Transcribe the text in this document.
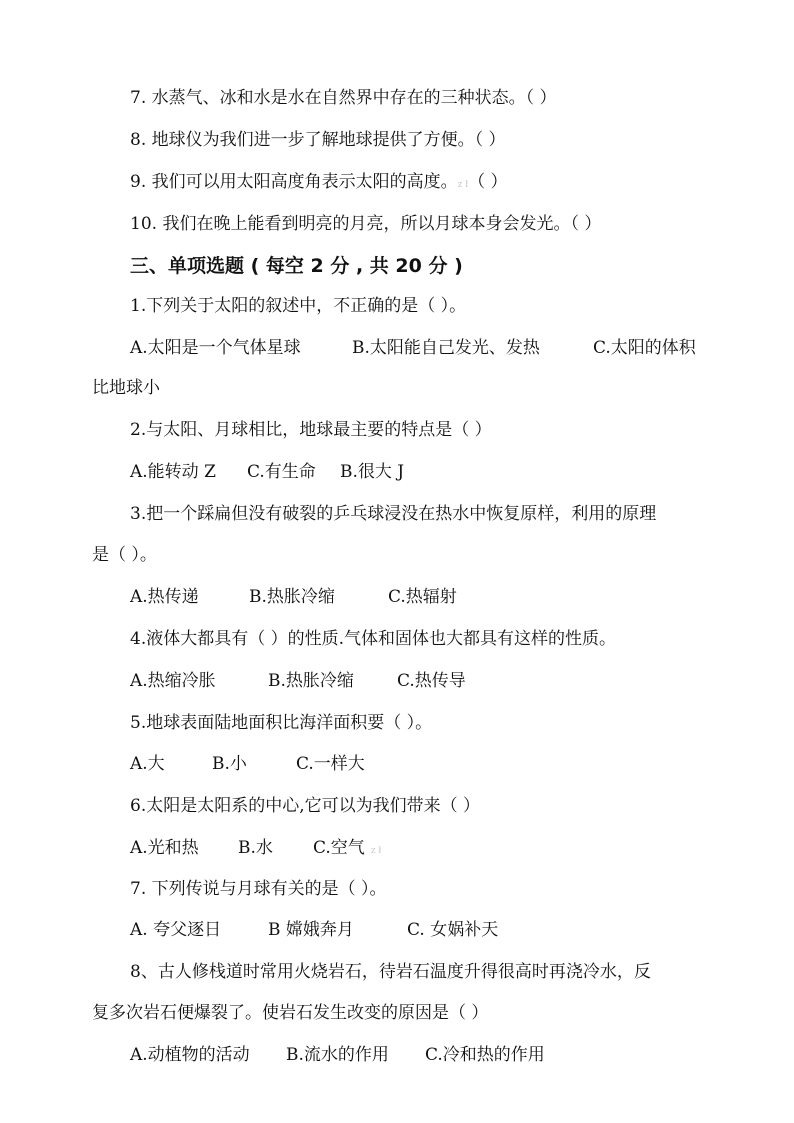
7. 水蒸气、冰和水是水在自然界中存在的三种状态。（ ）
8. 地球仪为我们进一步了解地球提供了方便。（ ）
9. 我们可以用太阳高度角表示太阳的高度。z ł（ ）
10. 我们在晚上能看到明亮的月亮，所以月球本身会发光。（ ）
三、单项选题 ( 每空 2 分 , 共 20 分 )
1.下列关于太阳的叙述中，不正确的是（ ）。
A.太阳是一个气体星球	B.太阳能自己发光、发热	C.太阳的体积
比地球小
2.与太阳、月球相比，地球最主要的特点是（ ）
A.能转动 Z C.有生命 B.很大 J
3.把一个踩扁但没有破裂的乒乓球浸没在热水中恢复原样，利用的原理
是（ ）。
A.热传递	B.热胀冷缩	C.热辐射
4.液体大都具有（ ）的性质.气体和固体也大都具有这样的性质。
A.热缩冷胀	B.热胀冷缩	C.热传导
5.地球表面陆地面积比海洋面积要（ ）。
A.大	B.小	C.一样大
6.太阳是太阳系的中心,它可以为我们带来（ ）
A.光和热 B.水 C.空气 z ł
7. 下列传说与月球有关的是（ ）。
A. 夸父逐日	B 嫦娥奔月	C. 女娲补天
8、古人修栈道时常用火烧岩石，待岩石温度升得很高时再浇冷水，反
复多次岩石便爆裂了。使岩石发生改变的原因是（ ）
A.动植物的活动 B.流水的作用 C.冷和热的作用
